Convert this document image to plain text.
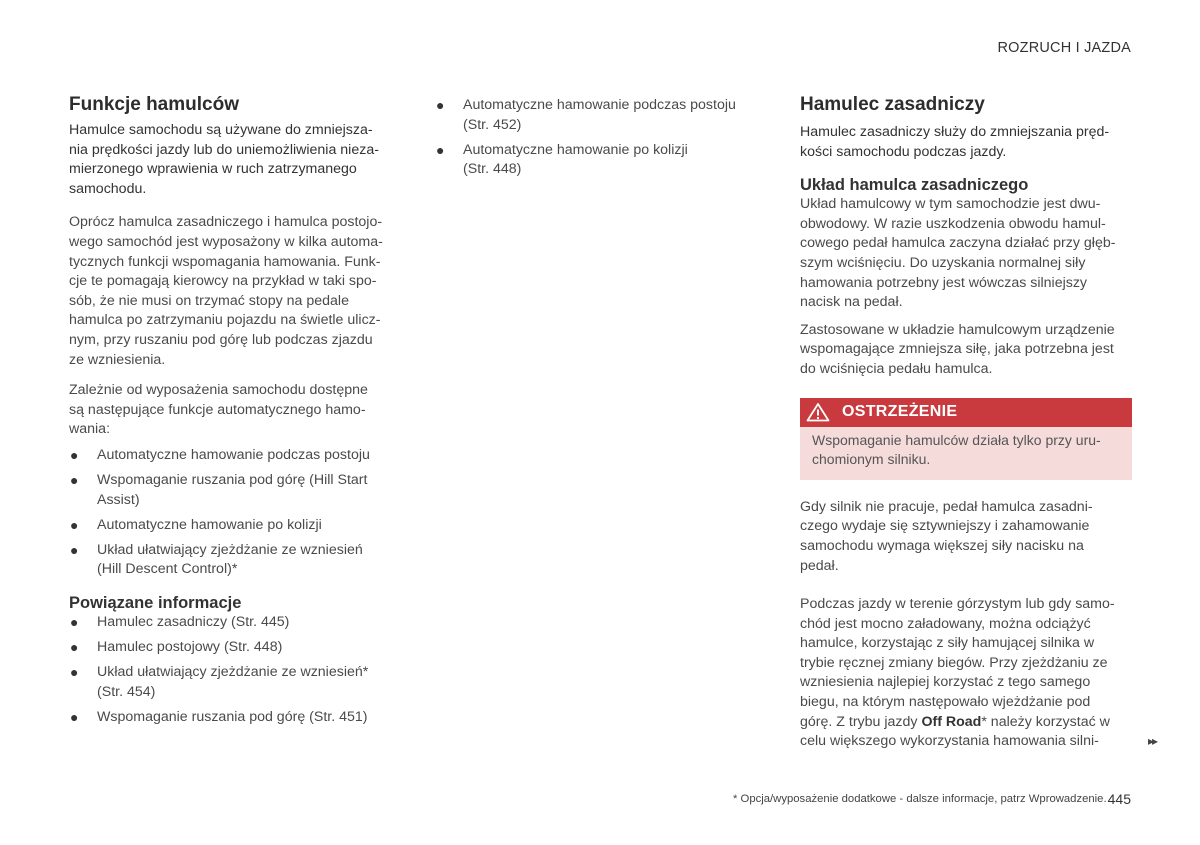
ROZRUCH I JAZDA
Funkcje hamulców

Hamulce samochodu są używane do zmniejsza-
nia prędkości jazdy lub do uniemożliwienia nieza-
mierzonego wprawienia w ruch zatrzymanego
samochodu.

Oprócz hamulca zasadniczego i hamulca postojo-
wego samochód jest wyposażony w kilka automa-
tycznych funkcji wspomagania hamowania. Funk-
cje te pomagają kierowcy na przykład w taki spo-
sób, że nie musi on trzymać stopy na pedale
hamulca po zatrzymaniu pojazdu na świetle ulicz-
nym, przy ruszaniu pod górę lub podczas zjazdu
ze wzniesienia.

Zależnie od wyposażenia samochodu dostępne
są następujące funkcje automatycznego hamo-
wania:

● Automatyczne hamowanie podczas postoju
● Wspomaganie ruszania pod górę (Hill Start
Assist)
● Automatyczne hamowanie po kolizji
● Układ ułatwiający zjeżdżanie ze wzniesień
(Hill Descent Control)*
Powiązane informacje
● Hamulec zasadniczy (Str. 445)
● Hamulec postojowy (Str. 448)
● Układ ułatwiający zjeżdżanie ze wzniesień*
(Str. 454)
● Wspomaganie ruszania pod górę (Str. 451)
● Automatyczne hamowanie podczas postoju
(Str. 452)
● Automatyczne hamowanie po kolizji
(Str. 448)
Hamulec zasadniczy

Hamulec zasadniczy służy do zmniejszania pręd-
kości samochodu podczas jazdy.

Układ hamulca zasadniczego

Układ hamulcowy w tym samochodzie jest dwu-
obwodowy. W razie uszkodzenia obwodu hamul-
cowego pedał hamulca zaczyna działać przy głęb-
szym wciśnięciu. Do uzyskania normalnej siły
hamowania potrzebny jest wówczas silniejszy
nacisk na pedał.

Zastosowane w układzie hamulcowym urządzenie
wspomagające zmniejsza siłę, jaka potrzebna jest
do wciśnięcia pedału hamulca.

OSTRZEŻENIE
Wspomaganie hamulców działa tylko przy uru-
chomionym silniku.

Gdy silnik nie pracuje, pedał hamulca zasadni-
czego wydaje się sztywniejszy i zahamowanie
samochodu wymaga większej siły nacisku na
pedał.

Podczas jazdy w terenie górzystym lub gdy samo-
chód jest mocno załadowany, można odciążyć
hamulce, korzystając z siły hamującej silnika w
trybie ręcznej zmiany biegów. Przy zjeżdżaniu ze
wzniesienia najlepiej korzystać z tego samego
biegu, na którym następowało wjeżdżanie pod
górę. Z trybu jazdy Off Road* należy korzystać w
celu większego wykorzystania hamowania silni-	▸▸
* Opcja/wyposażenie dodatkowe - dalsze informacje, patrz Wprowadzenie. 445
